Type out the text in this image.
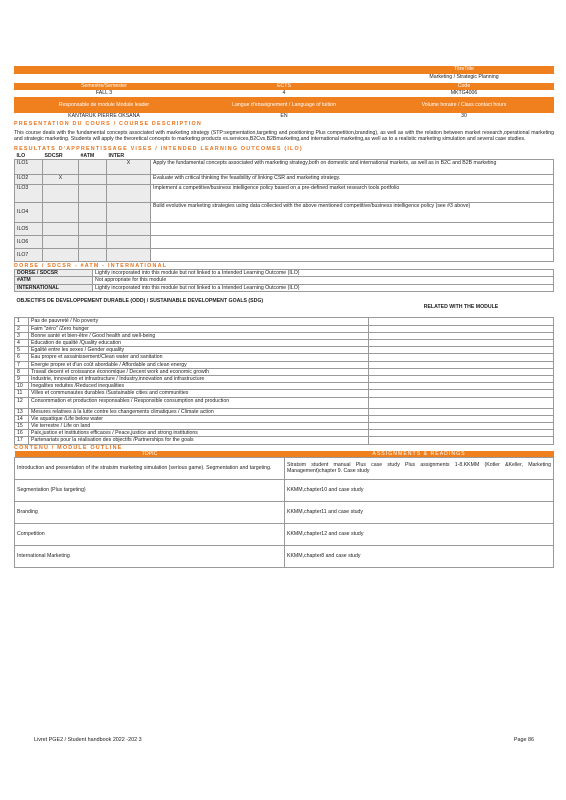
		TitreTitle
		Marketing / Strategic Planning
Semestre/Semester	ECTS	Code
FALL 3	4	MKTG4006
Responsable de module Module leader	Langue d'enseignement / Language of tuition	Volume horaire / Class contact hours
KANTARUK PIERRE OKSANA	EN	30
PRESENTATION DU COURS / COURSE DESCRIPTION
This course deals with the fundamental concepts associated with marketing strategy (STP:segmentation,targeting and positioning Plus competition,branding), as well as with the relation between market research,operational marketing and strategic marketing. Students will apply the theoretical concepts to marketing products vs.services,B2Cvs.B2Bmarketing,and international marketing,as well as to a realistic marketing simulation and several case studies.
RESULTATS D'APPRENTISSAGE VISES / INTENDED LEARNING OUTCOMES (ILO)
ILO	SDCSR	#ATM	INTER	
ILO1			X	Apply the fundamental concepts associated with marketing strategy,both on domestic and international markets, as well as in B2C and B2B marketing
ILO2	X			Evaluate with critical thinking the feasibility of linking CSR and marketing strategy.
ILO3				Implement a competitive/business intelligence policy based on a pre-defined market research tools portfolio
ILO4				Build evolutive marketing strategies using data collected with the above mentioned competitive/business intelligence policy (see #3 above)
ILO5				
ILO6				
ILO7				
DORSE / SDCSR - #ATM - INTERNATIONAL
DORSE / SDCSR	Lightly incorporated into this module but not linked to a Intended Learning Outcome (ILO)
#ATM	Not appropriate for this module
INTERNATIONAL	Lightly incorporated into this module but not linked to a Intended Learning Outcome (ILO)
OBJECTIFS DE DEVELOPPEMENT DURABLE (ODD) / SUSTAINABLE DEVELOPMENT GOALS (SDG)		RELATED WITH THE MODULE
1	Pas de pauvreté / No poverty	
2	Faim "zéro" /Zero hunger	
3	Bonne santé et bien-être / Good health and well-being	
4	Education de qualité /Quality education	
5	Egalité entre les sexes / Gender equality	
6	Eau propre et assainissement/Clean water and sanitation	
7	Energie propre et d'un coût abordable / Affordable and clean energy	
8	Travail decent et croissance économique / Decent work and economic growth	
9	Industrie, innovation et infrastructure / Industry,innovation and infrastructure	
10	Inegalites reduites /Reduced inequalities	
11	Villes et communautes durables /Sustainable cities and communities	
12	Consommation et production responsables / Responsible consumption and production	
13	Mesures relatives à la lutte contre les changements climatiques / Climate action	
14	Vie aquatique /Life below water	
15	Vie terrestre / Life on land	
16	Paix,justice et institutions efficaces / Peace,justice and strong institutions	
17	Partenariats pour la réalisation des objectifs /Partnerships for the goals	
CONTENU / MODULE OUTLINE
TOPIC	ASSIGNMENTS & READINGS
Introduction and presentation of the stratsim marketing simulation (serious game). Segmentation and targeting.	Stratsim student manual Plus case study Plus assignments 1-8.KKMM (Kotler &Keller, Marketing Management)chapter 9. Case study
Segmentation (Plus targeting)	KKMM,chapter10 and case study
Branding	KKMM,chapter11 and case study
Competition	KKMM,chapter12 and case study
International Marketing	KKMM,chapter8 and case study
Livret PGE2 / Student handbook 2022 -202 3	Page 86
